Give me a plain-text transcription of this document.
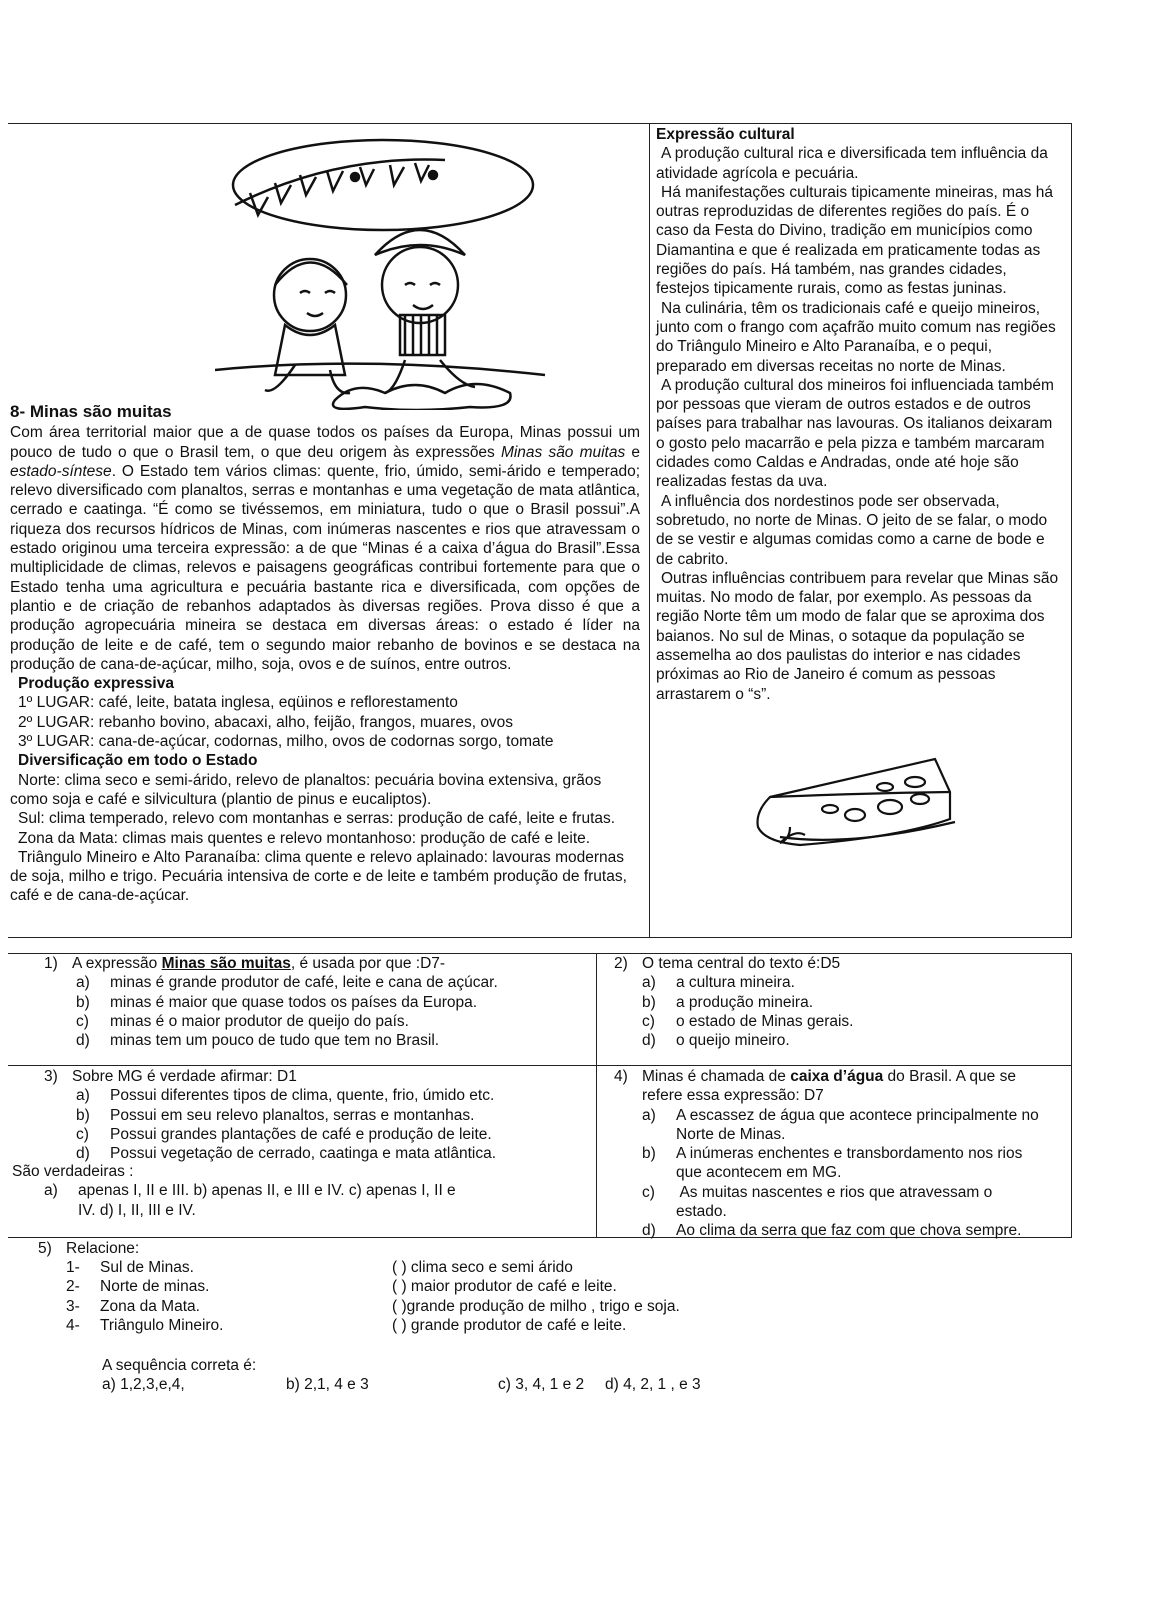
8- Minas são muitas

Com área territorial maior que a de quase todos os países da Europa, Minas possui um pouco de tudo o que o Brasil tem, o que deu origem às expressões Minas são muitas e estado-síntese. O Estado tem vários climas: quente, frio, úmido, semi-árido e temperado; relevo diversificado com planaltos, serras e montanhas e uma vegetação de mata atlântica, cerrado e caatinga. “É como se tivéssemos, em miniatura, tudo o que o Brasil possui”.A riqueza dos recursos hídricos de Minas, com inúmeras nascentes e rios que atravessam o estado originou uma terceira expressão: a de que “Minas é a caixa d’água do Brasil”.Essa multiplicidade de climas, relevos e paisagens geográficas contribui fortemente para que o Estado tenha uma agricultura e pecuária bastante rica e diversificada, com opções de plantio e de criação de rebanhos adaptados às diversas regiões. Prova disso é que a produção agropecuária mineira se destaca em diversas áreas: o estado é líder na produção de leite e de café, tem o segundo maior rebanho de bovinos e se destaca na produção de cana-de-açúcar, milho, soja, ovos e de suínos, entre outros.

Produção expressiva

1º LUGAR: café, leite, batata inglesa, eqüinos e reflorestamento
2º LUGAR: rebanho bovino, abacaxi, alho, feijão, frangos, muares, ovos
3º LUGAR: cana-de-açúcar, codornas, milho, ovos de codornas sorgo, tomate

Diversificação em todo o Estado

Norte: clima seco e semi-árido, relevo de planaltos: pecuária bovina extensiva, grãos como soja e café e silvicultura (plantio de pinus e eucaliptos).

Sul: clima temperado, relevo com montanhas e serras: produção de café, leite e frutas.

Zona da Mata: climas mais quentes e relevo montanhoso: produção de café e leite.

Triângulo Mineiro e Alto Paranaíba: clima quente e relevo aplainado: lavouras modernas de soja, milho e trigo. Pecuária intensiva de corte e de leite e também produção de frutas, café e de cana-de-açúcar.

Expressão cultural

A produção cultural rica e diversificada tem influência da atividade agrícola e pecuária.

Há manifestações culturais tipicamente mineiras, mas há outras reproduzidas de diferentes regiões do país. É o caso da Festa do Divino, tradição em municípios como Diamantina e que é realizada em praticamente todas as regiões do país. Há também, nas grandes cidades, festejos tipicamente rurais, como as festas juninas.

Na culinária, têm os tradicionais café e queijo mineiros, junto com o frango com açafrão muito comum nas regiões do Triângulo Mineiro e Alto Paranaíba, e o pequi, preparado em diversas receitas no norte de Minas.

A produção cultural dos mineiros foi influenciada também por pessoas que vieram de outros estados e de outros países para trabalhar nas lavouras. Os italianos deixaram o gosto pelo macarrão e pela pizza e também marcaram cidades como Caldas e Andradas, onde até hoje são realizadas festas da uva.

A influência dos nordestinos pode ser observada, sobretudo, no norte de Minas. O jeito de se falar, o modo de se vestir e algumas comidas como a carne de bode e de cabrito.

Outras influências contribuem para revelar que Minas são muitas. No modo de falar, por exemplo. As pessoas da região Norte têm um modo de falar que se aproxima dos baianos. No sul de Minas, o sotaque da população se assemelha ao dos paulistas do interior e nas cidades próximas ao Rio de Janeiro é comum as pessoas arrastarem o “s”.

1) A expressão Minas são muitas, é usada por que :D7-
a) minas é grande produtor de café, leite e cana de açúcar.
b) minas é maior que quase todos os países da Europa.
c) minas é o maior produtor de queijo do país.
d) minas tem um pouco de tudo que tem no Brasil.
2) O tema central do texto é:D5
a) a cultura mineira.
b) a produção mineira.
c) o estado de Minas gerais.
d) o queijo mineiro.
3) Sobre MG é verdade afirmar: D1
a) Possui diferentes tipos de clima, quente, frio, úmido etc.
b) Possui em seu relevo planaltos, serras e montanhas.
c) Possui grandes plantações de café e produção de leite.
d) Possui vegetação de cerrado, caatinga e mata atlântica.
São verdadeiras :
a) apenas I, II e III. b) apenas II, e III e IV. c) apenas I, II e
IV. d) I, II, III e IV.
4) Minas é chamada de caixa d’água do Brasil. A que se
refere essa expressão: D7
a) A escassez de água que acontece principalmente no
Norte de Minas.
b) A inúmeras enchentes e transbordamento nos rios
que acontecem em MG.
c) As muitas nascentes e rios que atravessam o
estado.
d) Ao clima da serra que faz com que chova sempre.
5) Relacione:
1- Sul de Minas.
2- Norte de minas.
3- Zona da Mata.
4- Triângulo Mineiro.
( ) clima seco e semi árido
( ) maior produtor de café e leite.
( )grande produção de milho , trigo e soja.
( ) grande produtor de café e leite.
A sequência correta é:
a) 1,2,3,e,4,	b) 2,1, 4 e 3	c) 3, 4, 1 e 2 d) 4, 2, 1 , e 3
